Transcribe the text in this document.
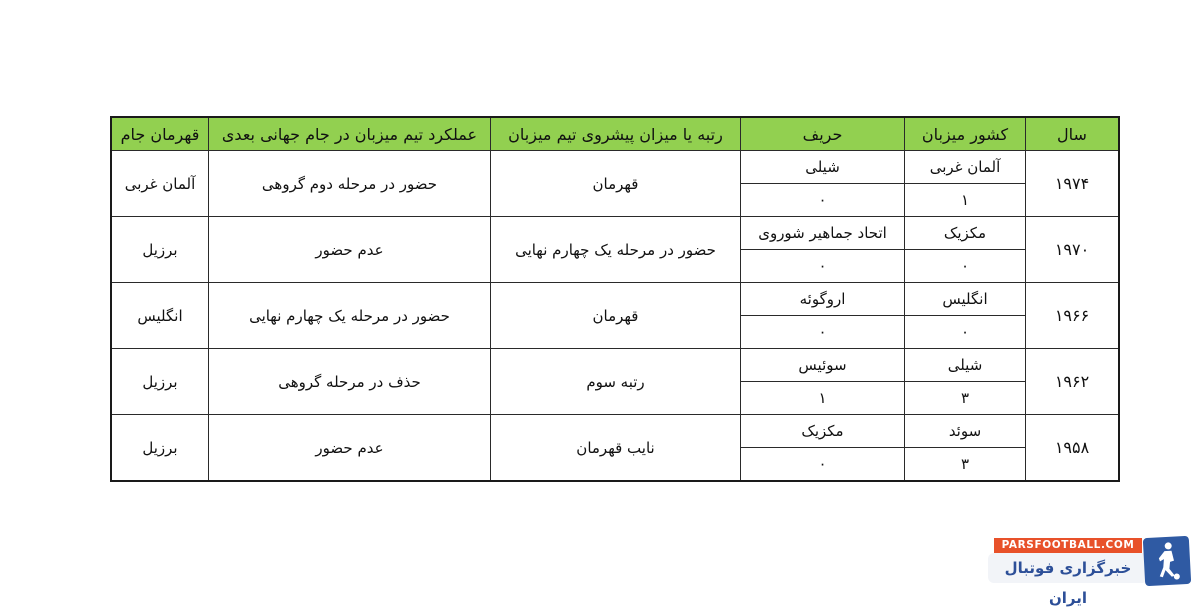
سال	کشور میزبان	حریف	رتبه یا میزان پیشروی تیم میزبان	عملکرد تیم میزبان در جام جهانی بعدی	قهرمان جام
۱۹۷۴	آلمان غربی	شیلی	قهرمان	حضور در مرحله دوم گروهی	آلمان غربی
	۱	۰			
۱۹۷۰	مکزیک	اتحاد جماهیر شوروی	حضور در مرحله یک چهارم نهایی	عدم حضور	برزیل
	۰	۰			
۱۹۶۶	انگلیس	اروگوئه	قهرمان	حضور در مرحله یک چهارم نهایی	انگلیس
	۰	۰			
۱۹۶۲	شیلی	سوئیس	رتبه سوم	حذف در مرحله گروهی	برزیل
	۳	۱			
۱۹۵۸	سوئد	مکزیک	نایب قهرمان	عدم حضور	برزیل
	۳	۰			
PARSFOOTBALL.COM
خبرگزاری فوتبال ایران
